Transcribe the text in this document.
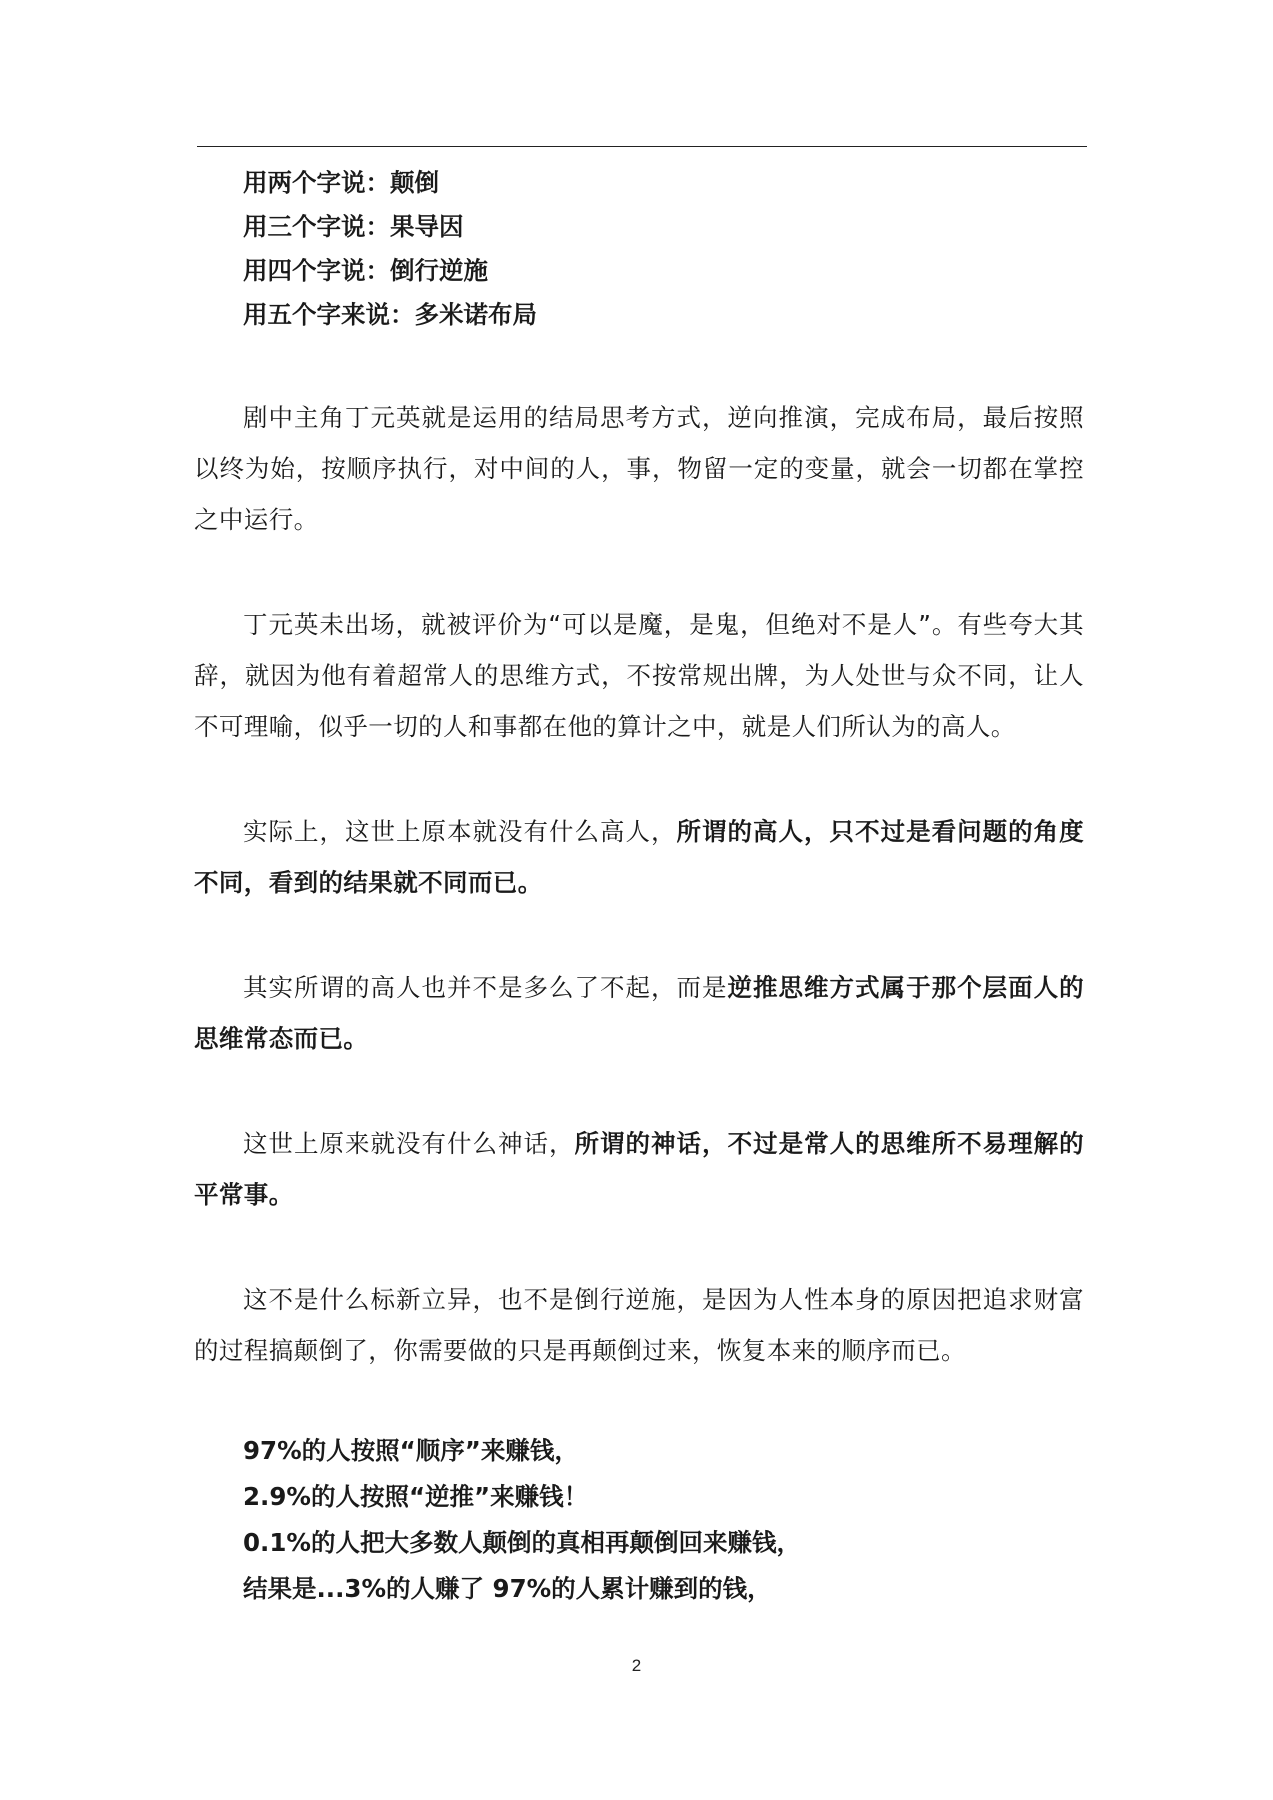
用两个字说：颠倒

用三个字说：果导因

用四个字说：倒行逆施

用五个字来说：多米诺布局

剧中主角丁元英就是运用的结局思考方式，逆向推演，完成布局，最后按照以终为始，按顺序执行，对中间的人，事，物留一定的变量，就会一切都在掌控之中运行。

丁元英未出场，就被评价为“可以是魔，是鬼，但绝对不是人”。有些夸大其辞，就因为他有着超常人的思维方式，不按常规出牌，为人处世与众不同，让人不可理喻，似乎一切的人和事都在他的算计之中，就是人们所认为的高人。

实际上，这世上原本就没有什么高人，所谓的高人，只不过是看问题的角度不同，看到的结果就不同而已。

其实所谓的高人也并不是多么了不起，而是逆推思维方式属于那个层面人的思维常态而已。

这世上原来就没有什么神话，所谓的神话，不过是常人的思维所不易理解的平常事。

这不是什么标新立异，也不是倒行逆施，是因为人性本身的原因把追求财富的过程搞颠倒了，你需要做的只是再颠倒过来，恢复本来的顺序而已。

97%的人按照“顺序”来赚钱，

2.9%的人按照“逆推”来赚钱！

0.1%的人把大多数人颠倒的真相再颠倒回来赚钱，

结果是...3%的人赚了 97%的人累计赚到的钱，

2
